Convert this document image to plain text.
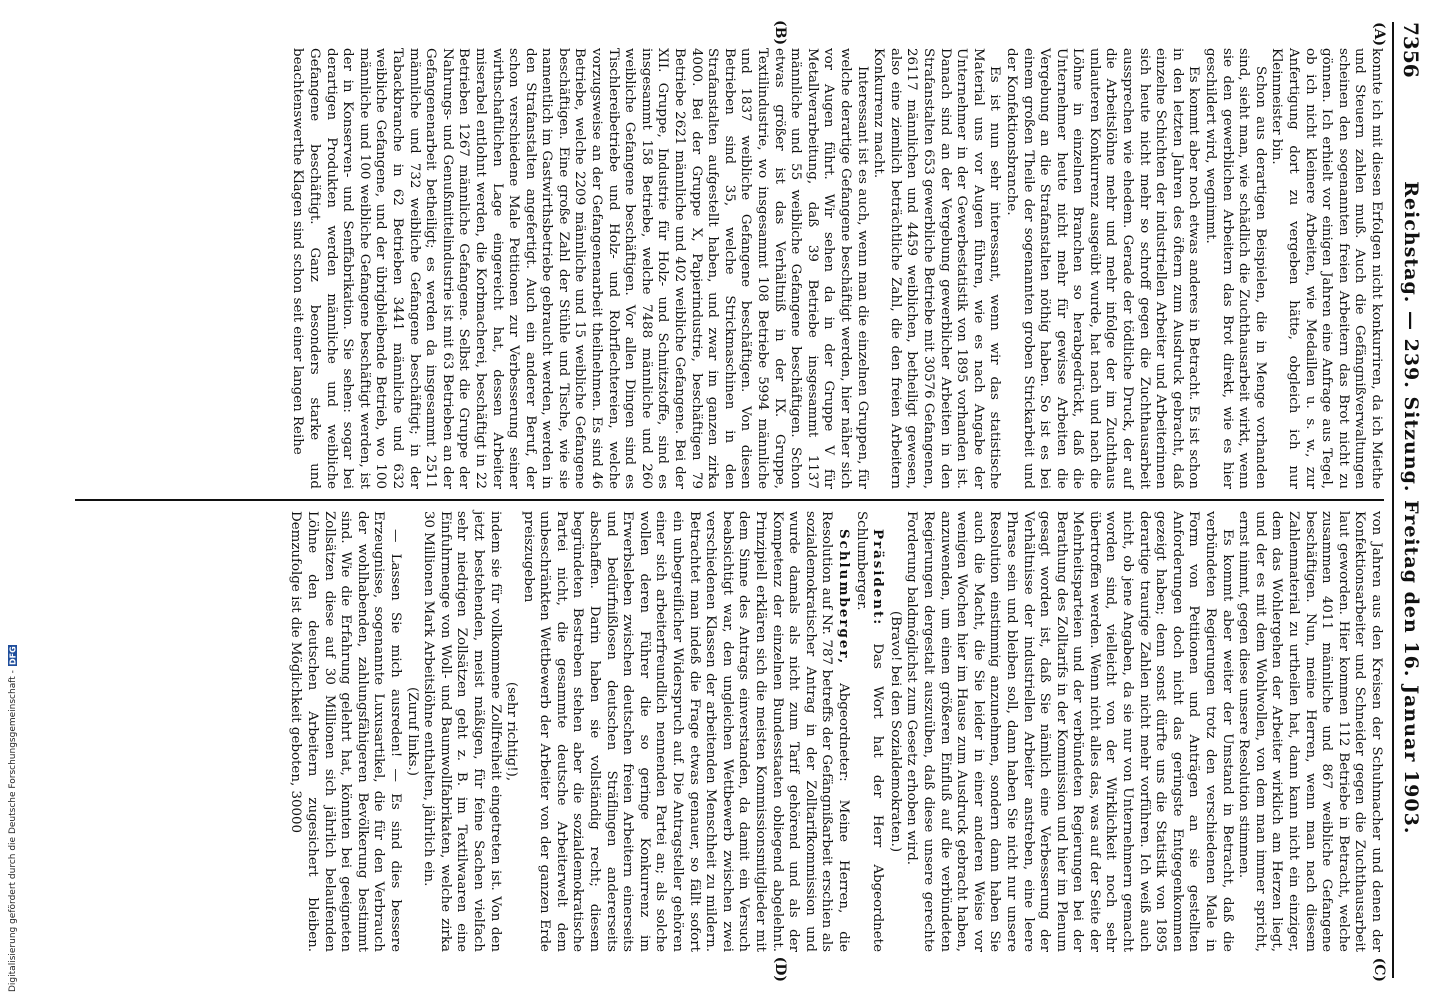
Digitalisierung gefördert durch die Deutsche Forschungsgemeinschaft -
DFG
7356
Reichstag. — 239. Sitzung. Freitag den 16. Januar 1903.
(A)
(B)

konnte ich mit diesen Erfolgen nicht konkurriren, da ich Miethe und Steuern zahlen muß. Auch die Gefängnißverwaltungen scheinen den sogenannten freien Arbeitern das Brot nicht zu gönnen. Ich erhielt vor einigen Jahren eine Anfrage aus Tegel, ob ich nicht kleinere Arbeiten, wie Medaillen u. s. w., zur Anfertigung dort zu vergeben hätte, obgleich ich nur Kleinmeister bin.

Schon aus derartigen Beispielen, die in Menge vorhanden sind, sieht man, wie schädlich die Zuchthausarbeit wirkt, wenn sie den gewerblichen Arbeitern das Brot direkt, wie es hier geschildert wird, wegnimmt.

Es kommt aber noch etwas anderes in Betracht. Es ist schon in den letzten Jahren des öftern zum Ausdruck gebracht, daß einzelne Schichten der industriellen Arbeiter und Arbeiterinnen sich heute nicht mehr so schroff gegen die Zuchthausarbeit aussprechen wie ehedem. Gerade der tödtliche Druck, der auf die Arbeitslöhne mehr und mehr infolge der im Zuchthaus unlauteren Konkurrenz ausgeübt wurde, hat nach und nach die Löhne in einzelnen Branchen so herabgedrückt, daß die Unternehmer heute nicht mehr für gewisse Arbeiten die Vergebung an die Strafanstalten nöthig haben. So ist es bei einem großen Theile der sogenannten groben Strickarbeit und der Konfektionsbranche.

Es ist nun sehr interessant, wenn wir das statistische Material uns vor Augen führen, wie es nach Angabe der Unternehmer in der Gewerbestatistik von 1895 vorhanden ist. Danach sind an der Vergebung gewerblicher Arbeiten in den Strafanstalten 653 gewerbliche Betriebe mit 30576 Gefangenen, 26117 männlichen und 4459 weiblichen, betheiligt gewesen, also eine ziemlich beträchtliche Zahl, die den freien Arbeitern Konkurrenz macht.

Interessant ist es auch, wenn man die einzelnen Gruppen, für welche derartige Gefangene beschäftigt werden, hier näher sich vor Augen führt. Wir sehen da in der Gruppe V für Metallverarbeitung, daß 39 Betriebe insgesammt 1137 männliche und 55 weibliche Gefangene beschäftigen. Schon etwas größer ist das Verhältniß in der IX. Gruppe, Textilindustrie, wo insgesammt 108 Betriebe 5994 männliche und 1837 weibliche Gefangene beschäftigen. Von diesen Betrieben sind 35, welche Strickmaschinen in den Strafanstalten aufgestellt haben, und zwar im ganzen zirka 4000. Bei der Gruppe X, Papierindustrie, beschäftigen 79 Betriebe 2621 männliche und 402 weibliche Gefangene. Bei der XII. Gruppe, Industrie für Holz- und Schnitzstoffe, sind es insgesammt 158 Betriebe, welche 7488 männliche und 260 weibliche Gefangene beschäftigen. Vor allen Dingen sind es Tischlereibetriebe und Holz- und Rohrflechtereien, welche vorzugsweise an der Gefangenenarbeit theilnehmen. Es sind 46 Betriebe, welche 2209 männliche und 15 weibliche Gefangene beschäftigen. Eine große Zahl der Stühle und Tische, wie sie namentlich im Gastwirthsbetriebe gebraucht werden, werden in den Strafanstalten angefertigt. Auch ein anderer Beruf, der schon verschiedene Male Petitionen zur Verbesserung seiner wirthschaftlichen Lage eingereicht hat, dessen Arbeiter miserabel entlohnt werden, die Korbmacherei, beschäftigt in 22 Betrieben 1267 männliche Gefangene. Selbst die Gruppe der Nahrungs- und Genußmittelindustrie ist mit 63 Betrieben an der Gefangenenarbeit betheiligt; es werden da insgesammt 2511 männliche und 732 weibliche Gefangene beschäftigt; in der Tabackbranche in 62 Betrieben 3441 männliche und 632 weibliche Gefangene, und der übrigbleibende Betrieb, wo 100 männliche und 100 weibliche Gefangene beschäftigt werden, ist der in Konserven- und Senffabrikation. Sie sehen: sogar bei derartigen Produkten werden männliche und weibliche Gefangene beschäftigt. Ganz besonders starke und beachtenswerthe Klagen sind schon seit einer langen Reihe

(C)
(D)

von Jahren aus den Kreisen der Schuhmacher und denen der Konfektionsarbeiter und Schneider gegen die Zuchthausarbeit laut geworden. Hier kommen 112 Betriebe in Betracht, welche zusammen 4011 männliche und 867 weibliche Gefangene beschäftigen. Nun, meine Herren, wenn man nach diesem Zahlenmaterial zu urtheilen hat, dann kann nicht ein einziger, dem das Wohlergehen der Arbeiter wirklich am Herzen liegt, und der es mit dem Wohlwollen, von dem man immer spricht, ernst nimmt, gegen diese unsere Resolution stimmen.

Es kommt aber weiter der Umstand in Betracht, daß die verbündeten Regierungen trotz den verschiedenen Male in Form von Petitionen und Anträgen an sie gestellten Anforderungen doch nicht das geringste Entgegenkommen gezeigt haben; denn sonst dürfte uns die Statistik von 1895 derartige traurige Zahlen nicht mehr vorführen. Ich weiß auch nicht, ob jene Angaben, da sie nur von Unternehmern gemacht worden sind, vielleicht von der Wirklichkeit noch sehr übertroffen werden. Wenn nicht alles das, was auf der Seite der Mehrheitsparteien und der verbündeten Regierungen bei der Berathung des Zolltarifs in der Kommission und hier im Plenum gesagt worden ist, daß Sie nämlich eine Verbesserung der Verhältnisse der industriellen Arbeiter anstreben, eine leere Phrase sein und bleiben soll, dann haben Sie nicht nur unsere Resolution einstimmig anzunehmen, sondern dann haben Sie auch die Macht, die Sie leider in einer anderen Weise vor wenigen Wochen hier im Hause zum Ausdruck gebracht haben, anzuwenden, um einen größeren Einfluß auf die verbündeten Regierungen dergestalt auszuüben, daß diese unsere gerechte Forderung baldmöglichst zum Gesetz erhoben wird.

(Bravo! bei den Sozialdemokraten.)

Präsident: Das Wort hat der Herr Abgeordnete Schlumberger.

Schlumberger, Abgeordneter: Meine Herren, die Resolution auf Nr. 787 betreffs der Gefängnißarbeit erschien als sozialdemokratischer Antrag in der Zolltarifkommission und wurde damals als nicht zum Tarif gehörend und als der Kompetenz der einzelnen Bundesstaaten obliegend abgelehnt. Prinzipiell erklären sich die meisten Kommissionsmitglieder mit dem Sinne des Antrags einverstanden, da damit ein Versuch beabsichtigt war, den ungleichen Wettbewerb zwischen zwei verschiedenen Klassen der arbeitenden Menschheit zu mildern. Betrachtet man indeß die Frage etwas genauer, so fällt sofort ein unbegreiflicher Widerspruch auf. Die Antragsteller gehören einer sich arbeiterfreundlich nennenden Partei an; als solche wollen deren Führer die so geringe Konkurrenz im Erwerbsleben zwischen deutschen freien Arbeitern einerseits und bedürfnißlosen deutschen Sträflingen andererseits abschaffen. Darin haben sie vollständig recht; diesem begründeten Bestreben stehen aber die sozialdemokratische Partei nicht, die gesammte deutsche Arbeiterwelt dem unbeschränkten Wettbewerb der Arbeiter von der ganzen Erde preiszugeben

(sehr richtig!),

indem sie für vollkommene Zollfreiheit eingetreten ist. Von den jetzt bestehenden, meist mäßigen, für feine Sachen vielfach sehr niedrigen Zollsätzen geht z. B. im Textilwaaren eine Einfuhrmenge von Woll- und Baumwollfabrikaten, welche zirka 30 Millionen Mark Arbeitslöhne enthalten, jährlich ein.

(Zuruf links.)

— Lassen Sie mich ausreden! — Es sind dies bessere Erzeugnisse, sogenannte Luxusartikel, die für den Verbrauch der wohlhabenden, zahlungsfähigeren Bevölkerung bestimmt sind. Wie die Erfahrung gelehrt hat, könnten bei geeigneten Zollsätzen diese auf 30 Millionen sich jährlich belaufenden Löhne den deutschen Arbeitern zugesichert bleiben. Demzufolge ist die Möglichkeit geboten, 30000
